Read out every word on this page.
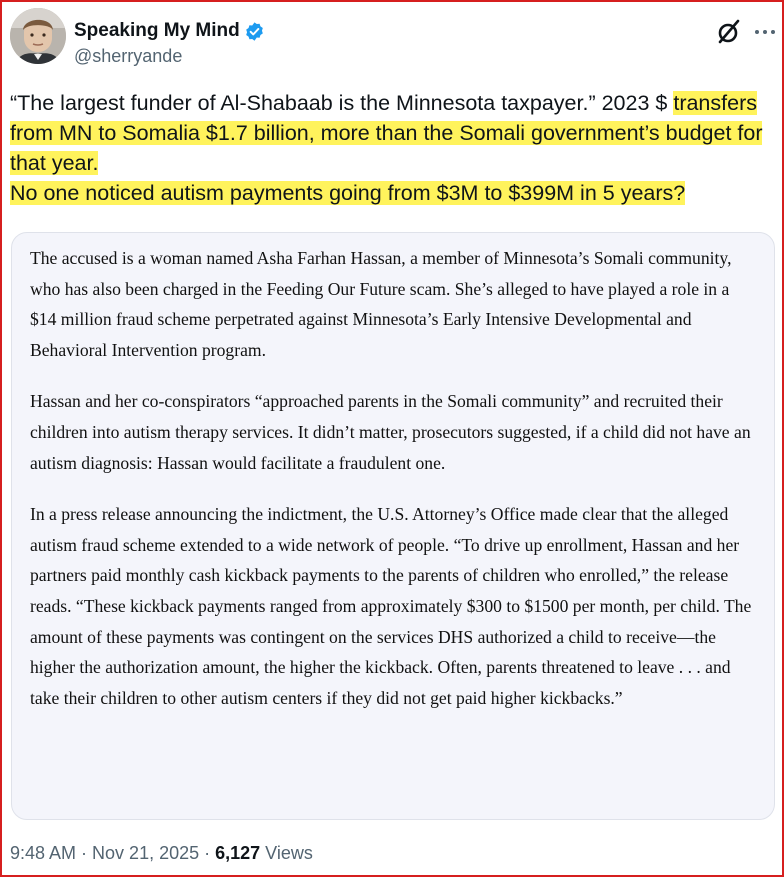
Speaking My Mind
@sherryande

“The largest funder of Al-Shabaab is the Minnesota taxpayer.” 2023 $ transfers from MN to Somalia $1.7 billion, more than the Somali government’s budget for that year.

No one noticed autism payments going from $3M to $399M in 5 years?

The accused is a woman named Asha Farhan Hassan, a member of Minnesota’s Somali community, who has also been charged in the Feeding Our Future scam. She’s alleged to have played a role in a $14 million fraud scheme perpetrated against Minnesota’s Early Intensive Developmental and Behavioral Intervention program.

Hassan and her co-conspirators “approached parents in the Somali community” and recruited their children into autism therapy services. It didn’t matter, prosecutors suggested, if a child did not have an autism diagnosis: Hassan would facilitate a fraudulent one.

In a press release announcing the indictment, the U.S. Attorney’s Office made clear that the alleged autism fraud scheme extended to a wide network of people. “To drive up enrollment, Hassan and her partners paid monthly cash kickback payments to the parents of children who enrolled,” the release reads. “These kickback payments ranged from approximately $300 to $1500 per month, per child. The amount of these payments was contingent on the services DHS authorized a child to receive—the higher the authorization amount, the higher the kickback. Often, parents threatened to leave . . . and take their children to other autism centers if they did not get paid higher kickbacks.”

9:48 AM · Nov 21, 2025 · 6,127 Views
